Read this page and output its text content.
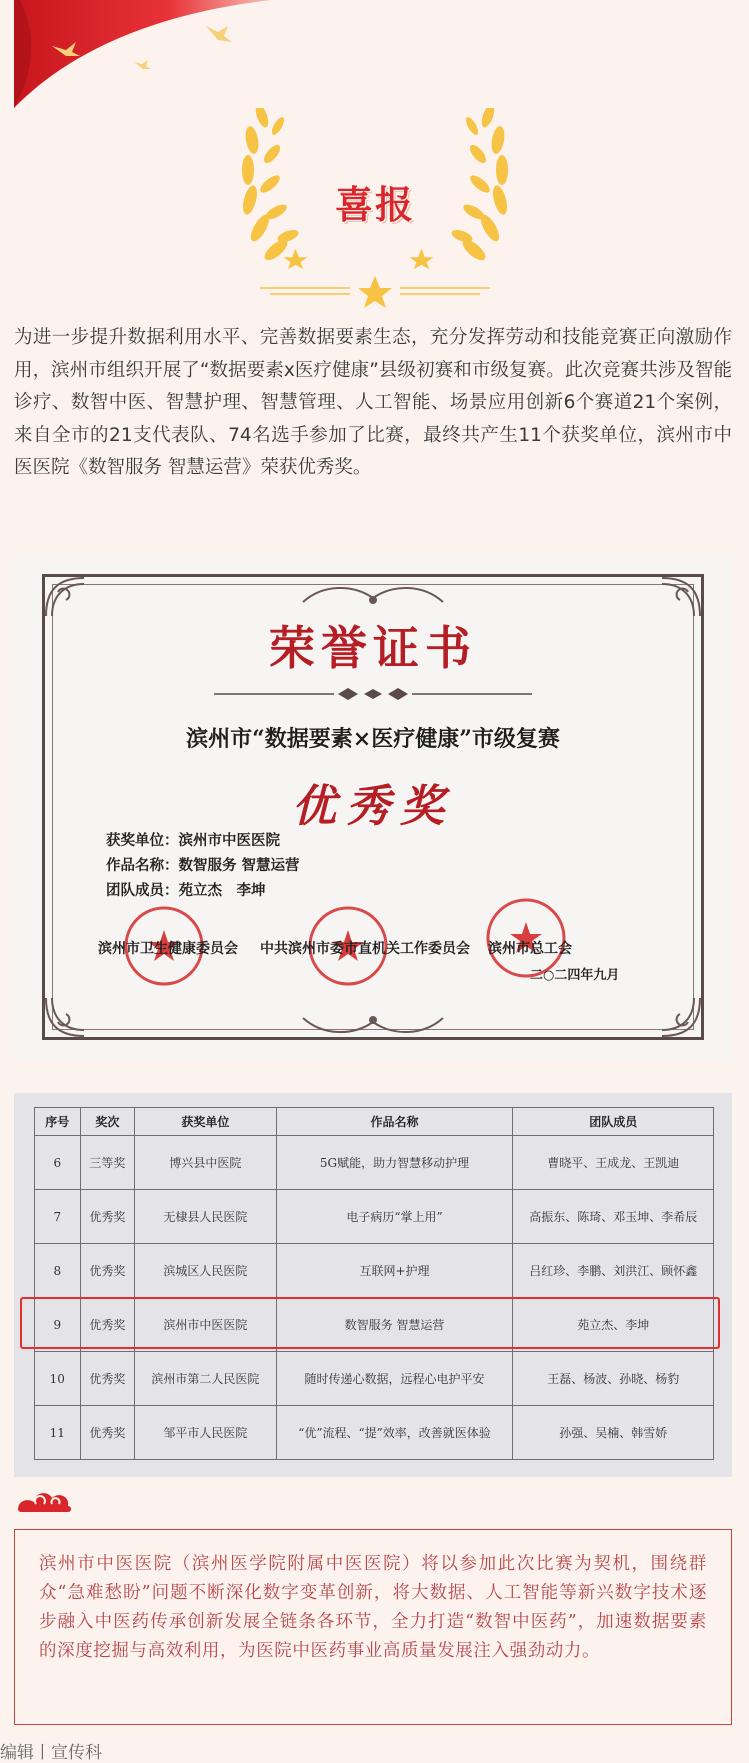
喜报

为进一步提升数据利用水平、完善数据要素生态，充分发挥劳动和技能竞赛正向激励作用，滨州市组织开展了“数据要素x医疗健康”县级初赛和市级复赛。此次竞赛共涉及智能诊疗、数智中医、智慧护理、智慧管理、人工智能、场景应用创新6个赛道21个案例，来自全市的21支代表队、74名选手参加了比赛，最终共产生11个获奖单位，滨州市中医医院《数智服务 智慧运营》荣获优秀奖。

荣誉证书
滨州市“数据要素×医疗健康”市级复赛
优秀奖
获奖单位：滨州市中医医院
作品名称：数智服务 智慧运营
团队成员：苑立杰　李坤
滨州市卫生健康委员会 中共滨州市委市直机关工作委员会 滨州市总工会
二○二四年九月
序号	奖次	获奖单位	作品名称	团队成员
6	三等奖	博兴县中医院	5G赋能，助力智慧移动护理	曹晓平、王成龙、王凯迪
7	优秀奖	无棣县人民医院	电子病历“掌上用”	高振东、陈琦、邓玉坤、李希辰
8	优秀奖	滨城区人民医院	互联网+护理	吕红珍、李鹏、刘洪江、顾怀鑫
9	优秀奖	滨州市中医医院	数智服务 智慧运营	苑立杰、李坤
10	优秀奖	滨州市第二人民医院	随时传递心数据，远程心电护平安	王磊、杨波、孙晓、杨豹
11	优秀奖	邹平市人民医院	“优”流程、“提”效率，改善就医体验	孙强、吴楠、韩雪娇

滨州市中医医院（滨州医学院附属中医医院）将以参加此次比赛为契机，围绕群众“急难愁盼”问题不断深化数字变革创新，将大数据、人工智能等新兴数字技术逐步融入中医药传承创新发展全链条各环节，全力打造“数智中医药”，加速数据要素的深度挖掘与高效利用，为医院中医药事业高质量发展注入强劲动力。

编辑丨宣传科
